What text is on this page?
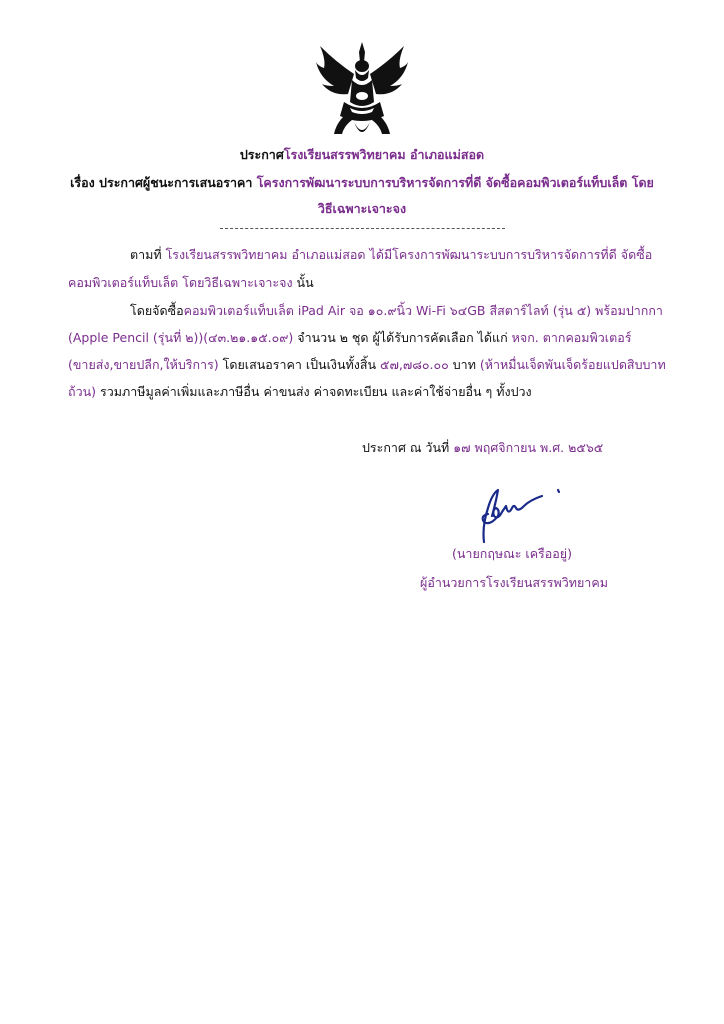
ประกาศโรงเรียนสรรพวิทยาคม อำเภอแม่สอด
เรื่อง ประกาศผู้ชนะการเสนอราคา โครงการพัฒนาระบบการบริหารจัดการที่ดี จัดซื้อคอมพิวเตอร์แท็บเล็ต โดย
วิธีเฉพาะเจาะจง
ตามที่ โรงเรียนสรรพวิทยาคม อำเภอแม่สอด ได้มีโครงการพัฒนาระบบการบริหารจัดการที่ดี จัดซื้อ
คอมพิวเตอร์แท็บเล็ต โดยวิธีเฉพาะเจาะจง นั้น
โดยจัดซื้อคอมพิวเตอร์แท็บเล็ต iPad Air จอ ๑๐.๙นิ้ว Wi-Fi ๖๔GB สีสตาร์ไลท์ (รุ่น ๕) พร้อมปากกา
(Apple Pencil (รุ่นที่ ๒))(๔๓.๒๑.๑๕.๐๙) จำนวน ๒ ชุด ผู้ได้รับการคัดเลือก ได้แก่ หจก. ตากคอมพิวเตอร์
(ขายส่ง,ขายปลีก,ให้บริการ) โดยเสนอราคา เป็นเงินทั้งสิ้น ๕๗,๗๘๐.๐๐ บาท (ห้าหมื่นเจ็ดพันเจ็ดร้อยแปดสิบบาท
ถ้วน) รวมภาษีมูลค่าเพิ่มและภาษีอื่น ค่าขนส่ง ค่าจดทะเบียน และค่าใช้จ่ายอื่น ๆ ทั้งปวง
ประกาศ ณ วันที่ ๑๗ พฤศจิกายน พ.ศ. ๒๕๖๕
(นายกฤษณะ เครืออยู่)
ผู้อำนวยการโรงเรียนสรรพวิทยาคม
